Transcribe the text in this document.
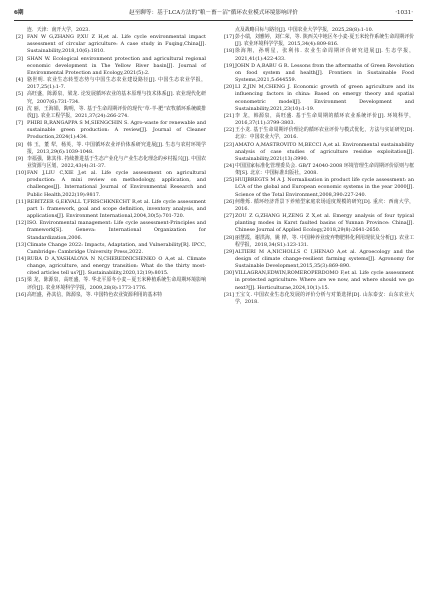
6期	赵至聊等：基于LCA方法的“粮－畜－沼”循环农业模式环境影响评价	·1031·
连．天津：南开大学，2023.
[2] FAN W G,ZHANG P,XU Z H,et al. Life cycle environmental impact assessment of circular agriculture: A case study in Fuqing,China[J]. Sustainability,2018,10(6):1810.
[3] SHAN W. Ecological environment protection and agricultural regional economic development in The Yellow River basin[J]. Journal of Environmental Protection and Ecology,2021(5):2.
[4] 骆世明. 农业生态转型态势与中国生态农业建设路径[J]. 中国生态农业学报，2017,25(1):1-7.
[5] 高旺盛，陈源泉，梁龙. 论发展循环农业的基本原理与技术体系[J]. 农业现代化研究，2007(6):731-734.
[6] 沈 丽，王海娟，陶明，等. 基于生命周期评价的现代“草-羊-肥”农牧循环系统碳排放[J]. 农业工程学报，2021,37(24):266-274.
[7] PHIRI R,RANGAPPA S M,SIENGCHIN S. Agro-waste for renewable and sustainable green production: A review[J]. Journal of Cleaner Production,2024(1):434.
[8] 韩 玉，董 犁，杨英，等. 中国循环农业评价体系研究进展[J]. 生态与农村环境学报，2013,29(6):1039-1048.
[9] 李福强，陈其伟. 持续推进基于生态产业化与产业生态化理念的乡村振兴[J]. 中国农业资源与区划，2022,43(4):31-37.
[10] FAN J,LIU C,XIE J,et al. Life cycle assessment on agricultural production: A mini review on methodology, application, and challenges[J]. International Journal of Environmental Research and Public Health,2022(19):9817.
[11] REBITZER G,EKVALL T,FRISCHKNECHT R,et al. Life cycle assessment part 1: framework, goal and scope definition, inventory analysis, and applications[J]. Environment International,2004,30(5):701-720.
[12] ISO. Environmental management: Life cycle assessment-Principles and framework[S]. Geneva: International Organization for Standardization,2006.
[13] Climate Change 2022: Impacts, Adaptation, and Vulnerability[R]. IPCC, Cambridge: Cambridge University Press,2022.
[14] RUBA D A,YASHALOVA N N,CHEREDNICHENKO O A,et al. Climate change, agriculture, and energy transition: What do the thirty most-cited articles tell us?[J]. Sustainability,2020,12(19):8015.
[15] 梁 龙，陈源泉，高旺盛，等. 华北平原冬小麦－夏玉米种植系统生命周期环境影响评价[J]. 农业环境科学学报，2009,28(8):1773-1776.
[16] 高旺盛，孙其信，陈源泉，等. 中国特色农业资源利用的基本特
点及战略目标与路径[J]. 中国农业大学学报，2025,28(8):1-10.
[17] 彭小瑞，刘雅婷，刘仁荣，等. 陕西关中地区冬小麦-夏玉米轮作系统生命周期评价[J]. 农业环境科学学报，2015,34(4):809-816.
[18] 徐海翔，孙明星，张利伟. 农业生命周期评价研究进展[J]. 生态学报，2021,41(1):422-433.
[19] JOHN D A,BABU G R. Lessons from the aftermaths of Green Revolution on food system and health[J]. Frontiers in Sustainable Food Systems,2021,5:644559.
[20] LI Z,JIN M,CHENG J. Economic growth of green agriculture and its influencing factors in china: Based on emergy theory and spatial econometric model[J]. Environment Development and Sustainability,2021,23(10):1-19.
[21] 李 龙，韩源泉，高旺盛. 基于生命周期的循环农业系统评价[J]. 环境科学，2016,37(11):3799-3803.
[22] 王小龙. 基于生命周期评价理论的循环农业评价与模式优化，方法与实证研究[D]. 北京：中国农业大学，2016.
[23] AMATO A,MASTROVITO M,BECCI A,et al. Environmental sustainability analysis of case studies of agriculture residue exploitation[J]. Sustainability,2021(13):3990.
[24] 中国国家标准化管理委员会. GB/T 24040-2008 环境管理生命周期评价原则与框架[S]. 北京：中国标准出版社，2008.
[25] HUIJBREGTS M A J. Normalisation in product life cycle assessment: an LCA of the global and European economic systems in the year 2000[J]. Science of the Total Environment,2008,390:227-240.
[26] 何维烁. 循环经济背景下养殖型家庭农场适度规模的研究[D]. 重庆：西南大学，2016.
[27] ZOU Z G,ZHANG H,ZENG Z X,et al. Emergy analysis of four typical planting modes in Karst faulted basins of Yunnan Province: China[J]. Chinese Journal of Applied Ecology,2018,29(8):2641-2650.
[28] 丽慧霞，谢洪海，姚 桦，等. 中国种养业废弃物肥料化利用现状及分析[J]. 农业工程学报，2018,34(S1):123-131.
[29] ALTIERI M A,NICHOLLS C I,HENAO A,et al. Agroecology and the design of climate change-resilient farming systems[J]. Agronomy for Sustainable Development,2015,35(3):869-890.
[30] VILLAGRAN,EDWIN,ROMEROPERDOMO F,et al. Life cycle assessment in protected agriculture: Where are we now, and where should we go next?[J]. Horticulturae,2024,10(1):15.
[31] 王宝文. 中国农业生态化发展的评价分析与对策选择[D]. 山东泰安：山东农业大学，2018.
